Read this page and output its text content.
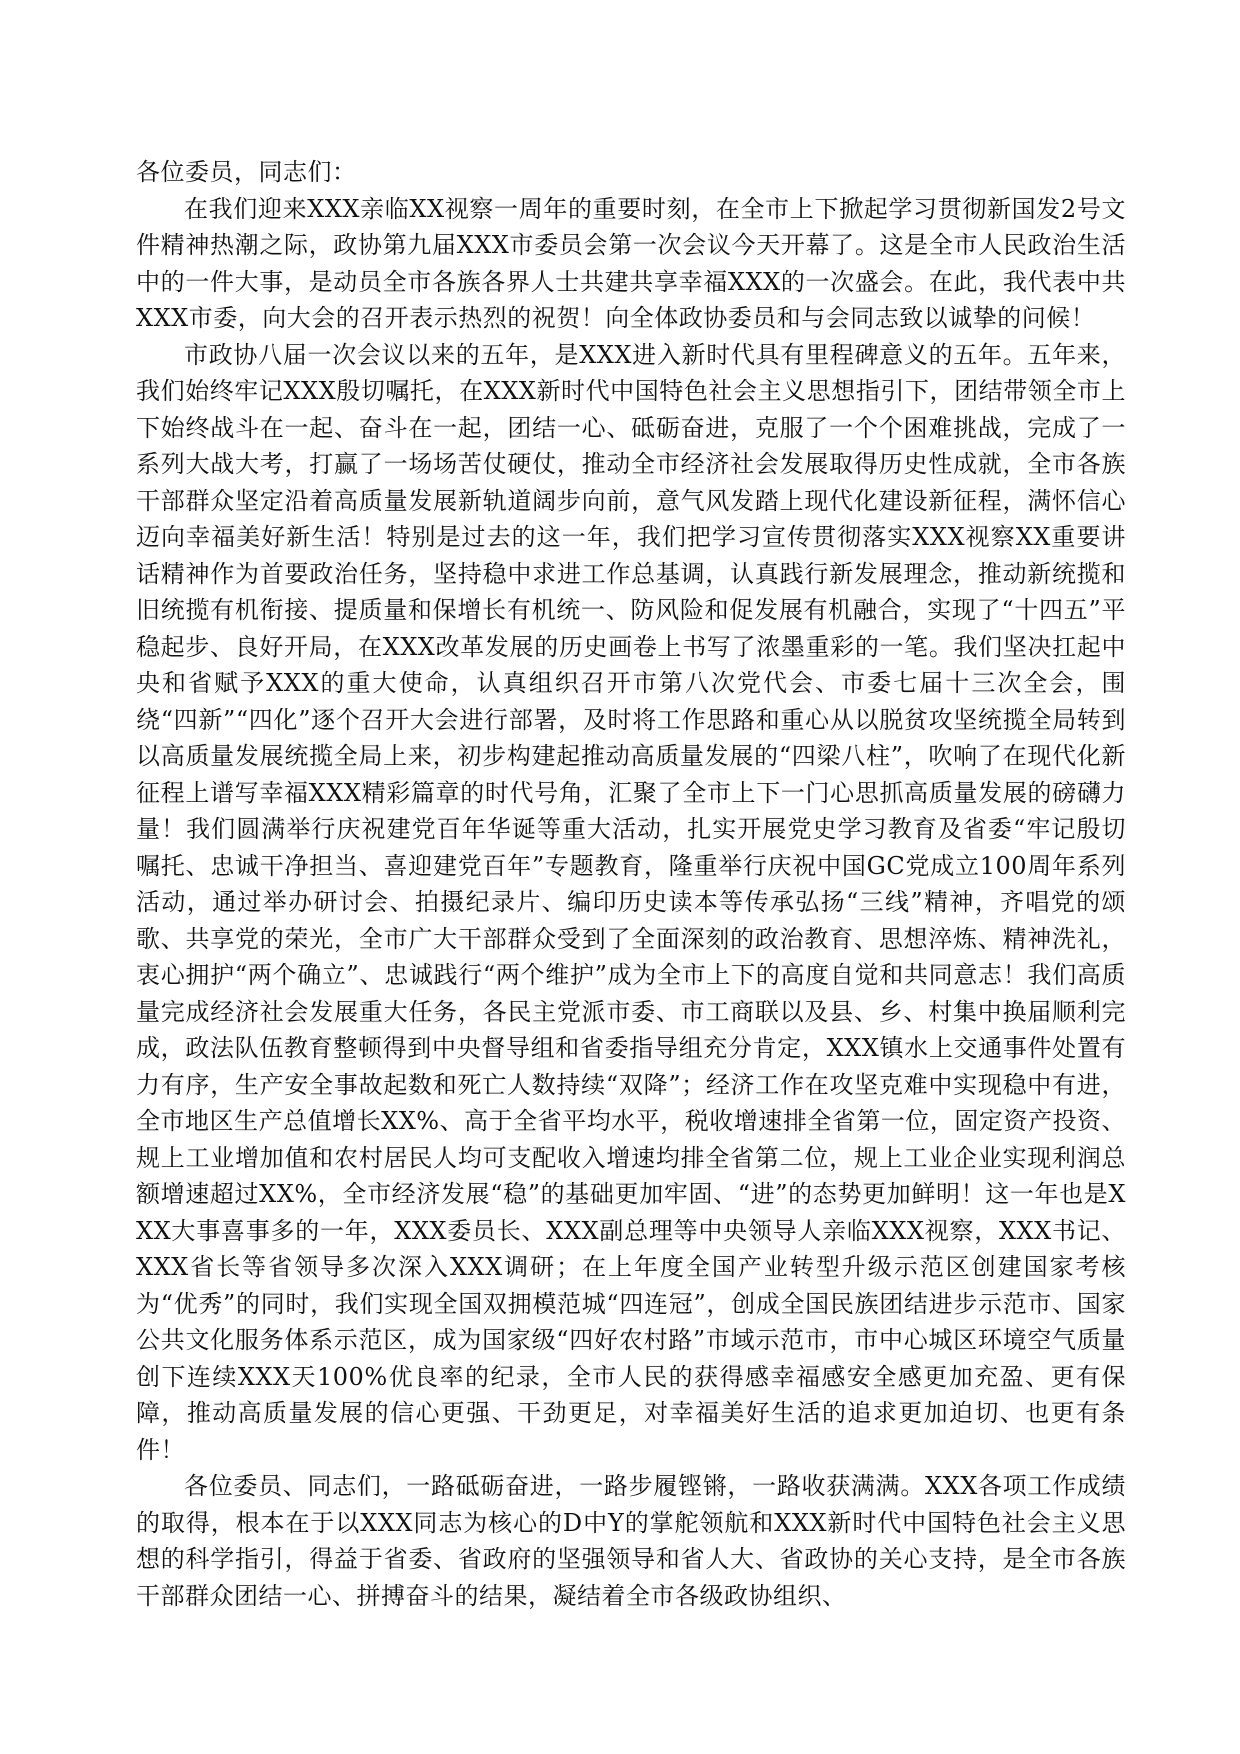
各位委员，同志们：

在我们迎来XXX亲临XX视察一周年的重要时刻，在全市上下掀起学习贯彻新国发2号文件精神热潮之际，政协第九届XXX市委员会第一次会议今天开幕了。这是全市人民政治生活中的一件大事，是动员全市各族各界人士共建共享幸福XXX的一次盛会。在此，我代表中共XXX市委，向大会的召开表示热烈的祝贺！向全体政协委员和与会同志致以诚挚的问候！

市政协八届一次会议以来的五年，是XXX进入新时代具有里程碑意义的五年。五年来，我们始终牢记XXX殷切嘱托，在XXX新时代中国特色社会主义思想指引下，团结带领全市上下始终战斗在一起、奋斗在一起，团结一心、砥砺奋进，克服了一个个困难挑战，完成了一系列大战大考，打赢了一场场苦仗硬仗，推动全市经济社会发展取得历史性成就，全市各族干部群众坚定沿着高质量发展新轨道阔步向前，意气风发踏上现代化建设新征程，满怀信心迈向幸福美好新生活！特别是过去的这一年，我们把学习宣传贯彻落实XXX视察XX重要讲话精神作为首要政治任务，坚持稳中求进工作总基调，认真践行新发展理念，推动新统揽和旧统揽有机衔接、提质量和保增长有机统一、防风险和促发展有机融合，实现了“十四五”平稳起步、良好开局，在XXX改革发展的历史画卷上书写了浓墨重彩的一笔。我们坚决扛起中央和省赋予XXX的重大使命，认真组织召开市第八次党代会、市委七届十三次全会，围绕“四新”“四化”逐个召开大会进行部署，及时将工作思路和重心从以脱贫攻坚统揽全局转到以高质量发展统揽全局上来，初步构建起推动高质量发展的“四梁八柱”，吹响了在现代化新征程上谱写幸福XXX精彩篇章的时代号角，汇聚了全市上下一门心思抓高质量发展的磅礴力量！我们圆满举行庆祝建党百年华诞等重大活动，扎实开展党史学习教育及省委“牢记殷切嘱托、忠诚干净担当、喜迎建党百年”专题教育，隆重举行庆祝中国GC党成立100周年系列活动，通过举办研讨会、拍摄纪录片、编印历史读本等传承弘扬“三线”精神，齐唱党的颂歌、共享党的荣光，全市广大干部群众受到了全面深刻的政治教育、思想淬炼、精神洗礼，衷心拥护“两个确立”、忠诚践行“两个维护”成为全市上下的高度自觉和共同意志！我们高质量完成经济社会发展重大任务，各民主党派市委、市工商联以及县、乡、村集中换届顺利完成，政法队伍教育整顿得到中央督导组和省委指导组充分肯定，XXX镇水上交通事件处置有力有序，生产安全事故起数和死亡人数持续“双降”；经济工作在攻坚克难中实现稳中有进，全市地区生产总值增长XX%、高于全省平均水平，税收增速排全省第一位，固定资产投资、规上工业增加值和农村居民人均可支配收入增速均排全省第二位，规上工业企业实现利润总额增速超过XX%，全市经济发展“稳”的基础更加牢固、“进”的态势更加鲜明！这一年也是XXX大事喜事多的一年，XXX委员长、XXX副总理等中央领导人亲临XXX视察，XXX书记、XXX省长等省领导多次深入XXX调研；在上年度全国产业转型升级示范区创建国家考核为“优秀”的同时，我们实现全国双拥模范城“四连冠”，创成全国民族团结进步示范市、国家公共文化服务体系示范区，成为国家级“四好农村路”市域示范市，市中心城区环境空气质量创下连续XXX天100%优良率的纪录，全市人民的获得感幸福感安全感更加充盈、更有保障，推动高质量发展的信心更强、干劲更足，对幸福美好生活的追求更加迫切、也更有条件！

各位委员、同志们，一路砥砺奋进，一路步履铿锵，一路收获满满。XXX各项工作成绩的取得，根本在于以XXX同志为核心的D中Y的掌舵领航和XXX新时代中国特色社会主义思想的科学指引，得益于省委、省政府的坚强领导和省人大、省政协的关心支持，是全市各族干部群众团结一心、拼搏奋斗的结果，凝结着全市各级政协组织、
